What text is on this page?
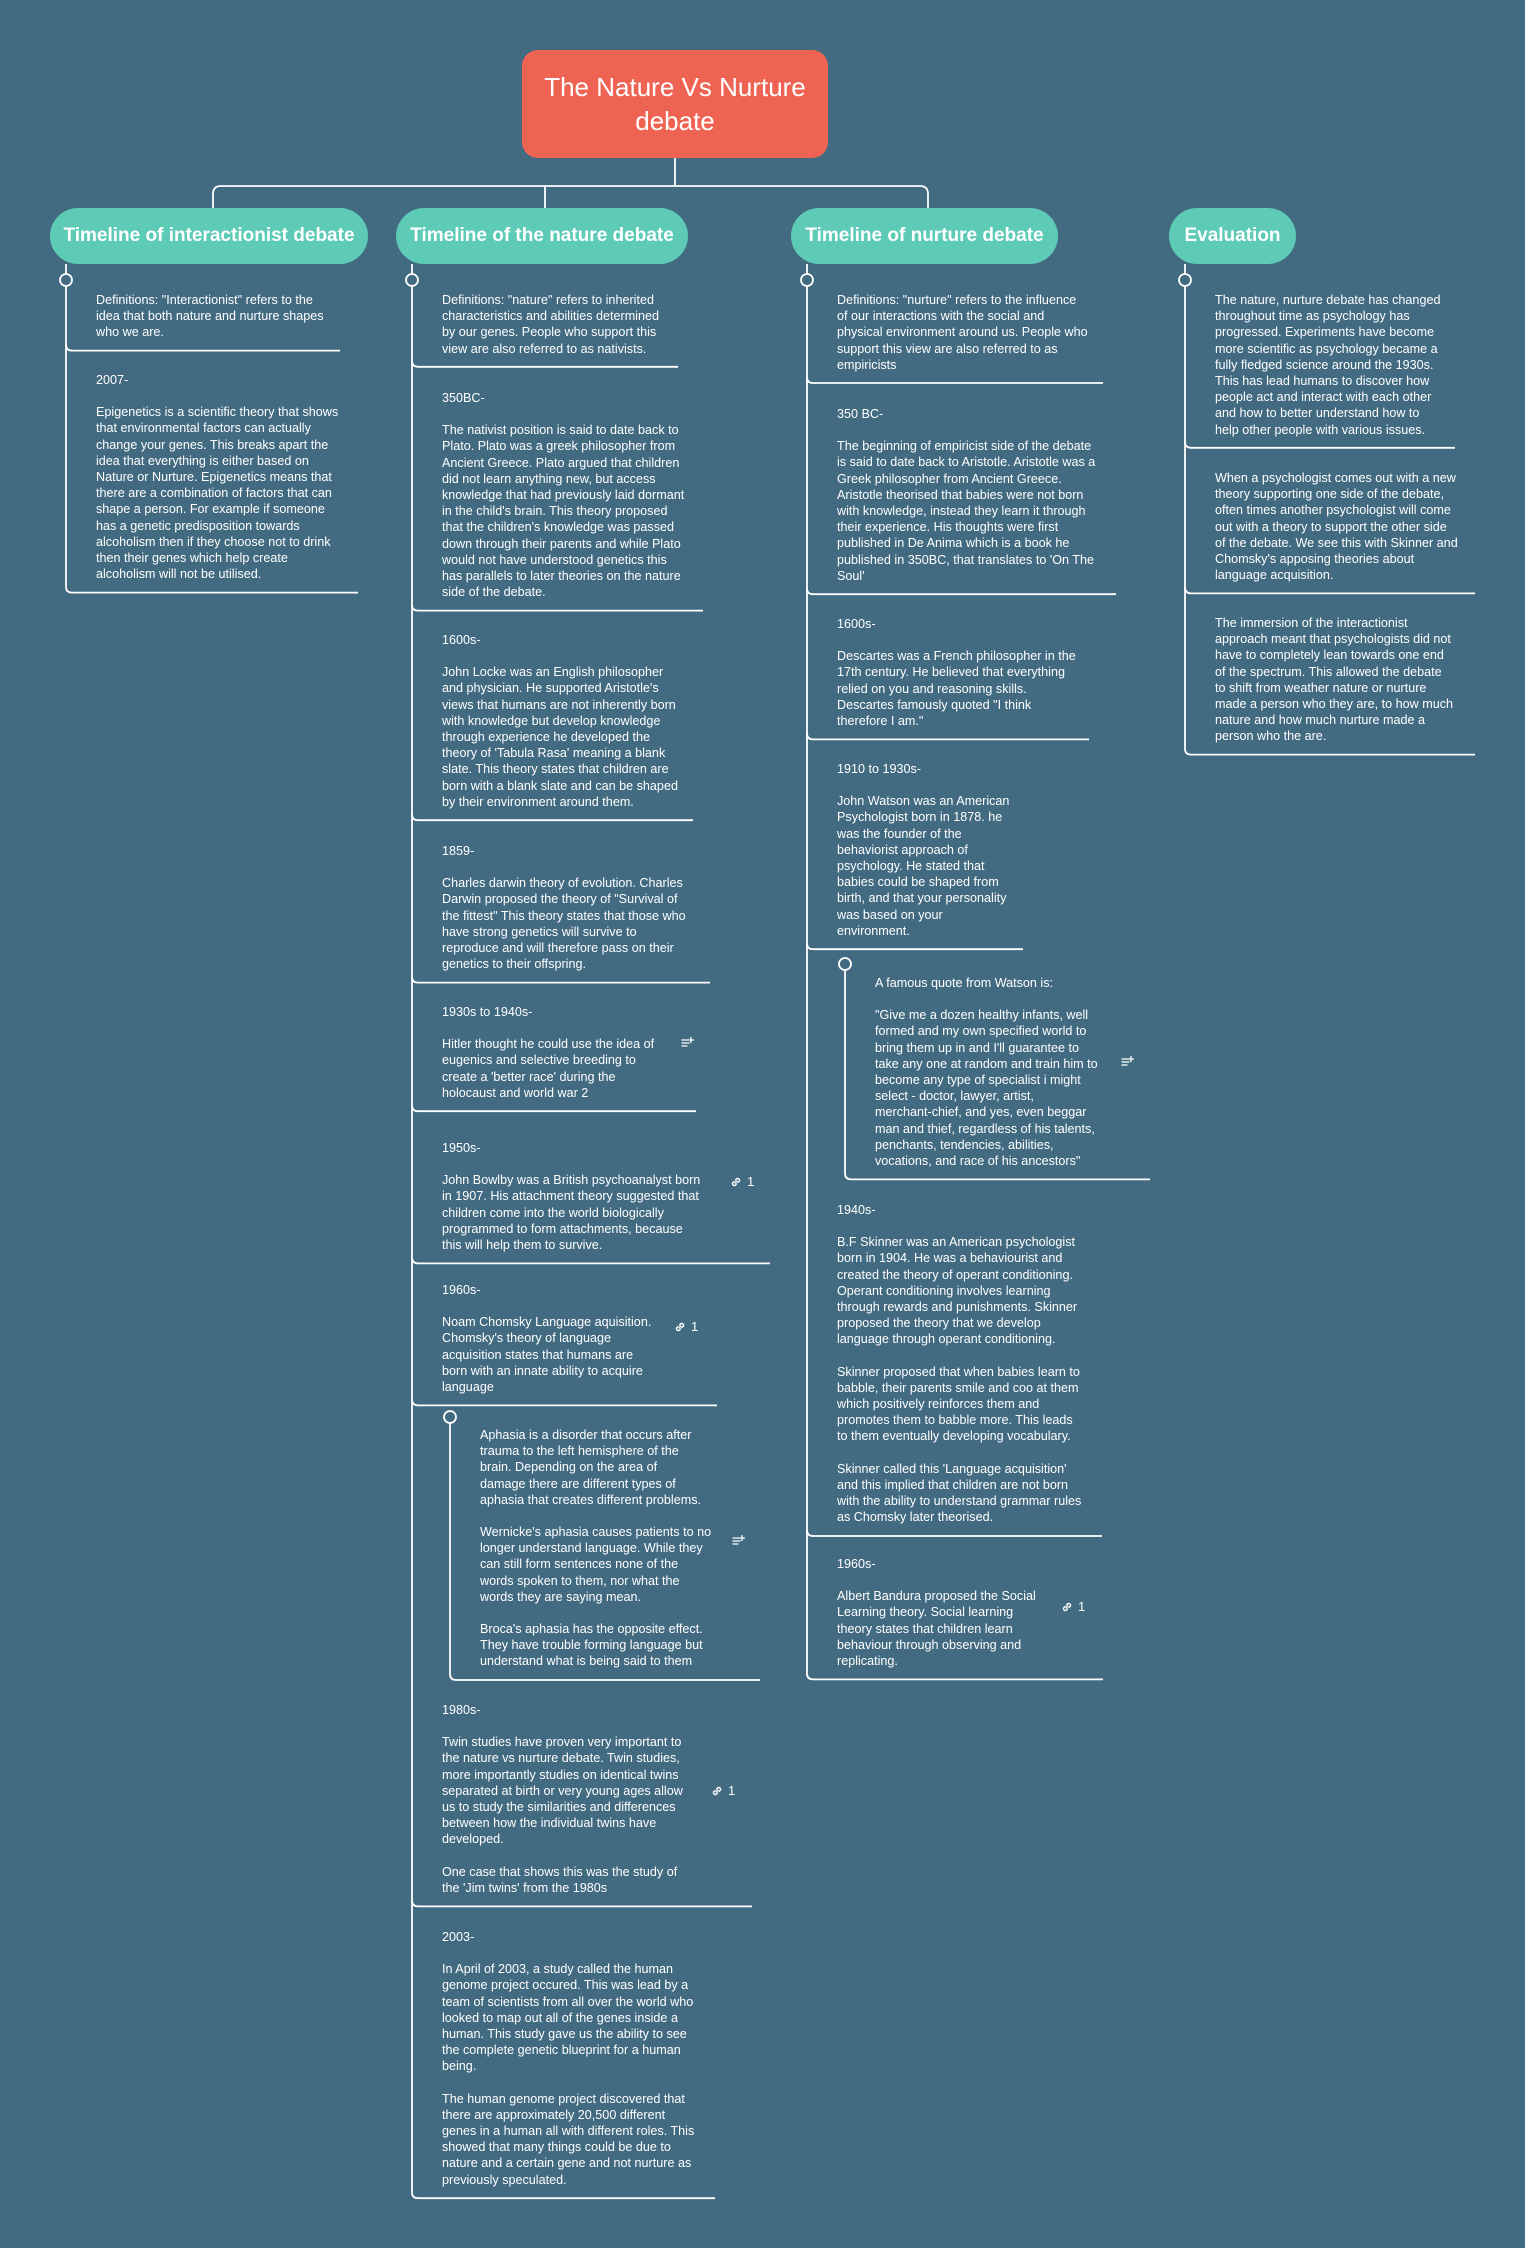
The Nature Vs Nurture debate
Timeline of interactionist debate	Timeline of the nature debate	Timeline of nurture debate	Evaluation

Definitions: "Interactionist" refers to the

idea that both nature and nurture shapes

who we are.

2007-

Epigenetics is a scientific theory that shows

that environmental factors can actually

change your genes. This breaks apart the

idea that everything is either based on

Nature or Nurture. Epigenetics means that

there are a combination of factors that can

shape a person. For example if someone

has a genetic predisposition towards

alcoholism then if they choose not to drink

then their genes which help create

alcoholism will not be utilised.

Definitions: "nature" refers to inherited

characteristics and abilities determined

by our genes. People who support this

view are also referred to as nativists.

350BC-

The nativist position is said to date back to

Plato. Plato was a greek philosopher from

Ancient Greece. Plato argued that children

did not learn anything new, but access

knowledge that had previously laid dormant

in the child's brain. This theory proposed

that the children's knowledge was passed

down through their parents and while Plato

would not have understood genetics this

has parallels to later theories on the nature

side of the debate.

1600s-

John Locke was an English philosopher

and physician. He supported Aristotle's

views that humans are not inherently born

with knowledge but develop knowledge

through experience he developed the

theory of 'Tabula Rasa' meaning a blank

slate. This theory states that children are

born with a blank slate and can be shaped

by their environment around them.

1859-

Charles darwin theory of evolution. Charles

Darwin proposed the theory of "Survival of

the fittest" This theory states that those who

have strong genetics will survive to

reproduce and will therefore pass on their

genetics to their offspring.

1930s to 1940s-

Hitler thought he could use the idea of

eugenics and selective breeding to

create a 'better race' during the

holocaust and world war 2

1950s-

John Bowlby was a British psychoanalyst born

in 1907. His attachment theory suggested that

children come into the world biologically

programmed to form attachments, because

this will help them to survive.

1

1960s-

Noam Chomsky Language aquisition.

Chomsky's theory of language

acquisition states that humans are

born with an innate ability to acquire

language

1

Aphasia is a disorder that occurs after

trauma to the left hemisphere of the

brain. Depending on the area of

damage there are different types of

aphasia that creates different problems.

Wernicke's aphasia causes patients to no

longer understand language. While they

can still form sentences none of the

words spoken to them, nor what the

words they are saying mean.

Broca's aphasia has the opposite effect.

They have trouble forming language but

understand what is being said to them

1980s-

Twin studies have proven very important to

the nature vs nurture debate. Twin studies,

more importantly studies on identical twins

separated at birth or very young ages allow

us to study the similarities and differences

between how the individual twins have

developed.

One case that shows this was the study of

the 'Jim twins' from the 1980s

1

2003-

In April of 2003, a study called the human

genome project occured. This was lead by a

team of scientists from all over the world who

looked to map out all of the genes inside a

human. This study gave us the ability to see

the complete genetic blueprint for a human

being.

The human genome project discovered that

there are approximately 20,500 different

genes in a human all with different roles. This

showed that many things could be due to

nature and a certain gene and not nurture as

previously speculated.

Definitions: "nurture" refers to the influence

of our interactions with the social and

physical environment around us. People who

support this view are also referred to as

empiricists

350 BC-

The beginning of empiricist side of the debate

is said to date back to Aristotle. Aristotle was a

Greek philosopher from Ancient Greece.

Aristotle theorised that babies were not born

with knowledge, instead they learn it through

their experience. His thoughts were first

published in De Anima which is a book he

published in 350BC, that translates to 'On The

Soul'

1600s-

Descartes was a French philosopher in the

17th century. He believed that everything

relied on you and reasoning skills.

Descartes famously quoted "I think

therefore I am."

1910 to 1930s-

John Watson was an American

Psychologist born in 1878. he

was the founder of the

behaviorist approach of

psychology. He stated that

babies could be shaped from

birth, and that your personality

was based on your

environment.

A famous quote from Watson is:

"Give me a dozen healthy infants, well

formed and my own specified world to

bring them up in and I'll guarantee to

take any one at random and train him to

become any type of specialist i might

select - doctor, lawyer, artist,

merchant-chief, and yes, even beggar

man and thief, regardless of his talents,

penchants, tendencies, abilities,

vocations, and race of his ancestors"

1940s-

B.F Skinner was an American psychologist

born in 1904. He was a behaviourist and

created the theory of operant conditioning.

Operant conditioning involves learning

through rewards and punishments. Skinner

proposed the theory that we develop

language through operant conditioning.

Skinner proposed that when babies learn to

babble, their parents smile and coo at them

which positively reinforces them and

promotes them to babble more. This leads

to them eventually developing vocabulary.

Skinner called this 'Language acquisition'

and this implied that children are not born

with the ability to understand grammar rules

as Chomsky later theorised.

1960s-

Albert Bandura proposed the Social

Learning theory. Social learning

theory states that children learn

behaviour through observing and

replicating.

1

The nature, nurture debate has changed

throughout time as psychology has

progressed. Experiments have become

more scientific as psychology became a

fully fledged science around the 1930s.

This has lead humans to discover how

people act and interact with each other

and how to better understand how to

help other people with various issues.

When a psychologist comes out with a new

theory supporting one side of the debate,

often times another psychologist will come

out with a theory to support the other side

of the debate. We see this with Skinner and

Chomsky's apposing theories about

language acquisition.

The immersion of the interactionist

approach meant that psychologists did not

have to completely lean towards one end

of the spectrum. This allowed the debate

to shift from weather nature or nurture

made a person who they are, to how much

nature and how much nurture made a

person who the are.
